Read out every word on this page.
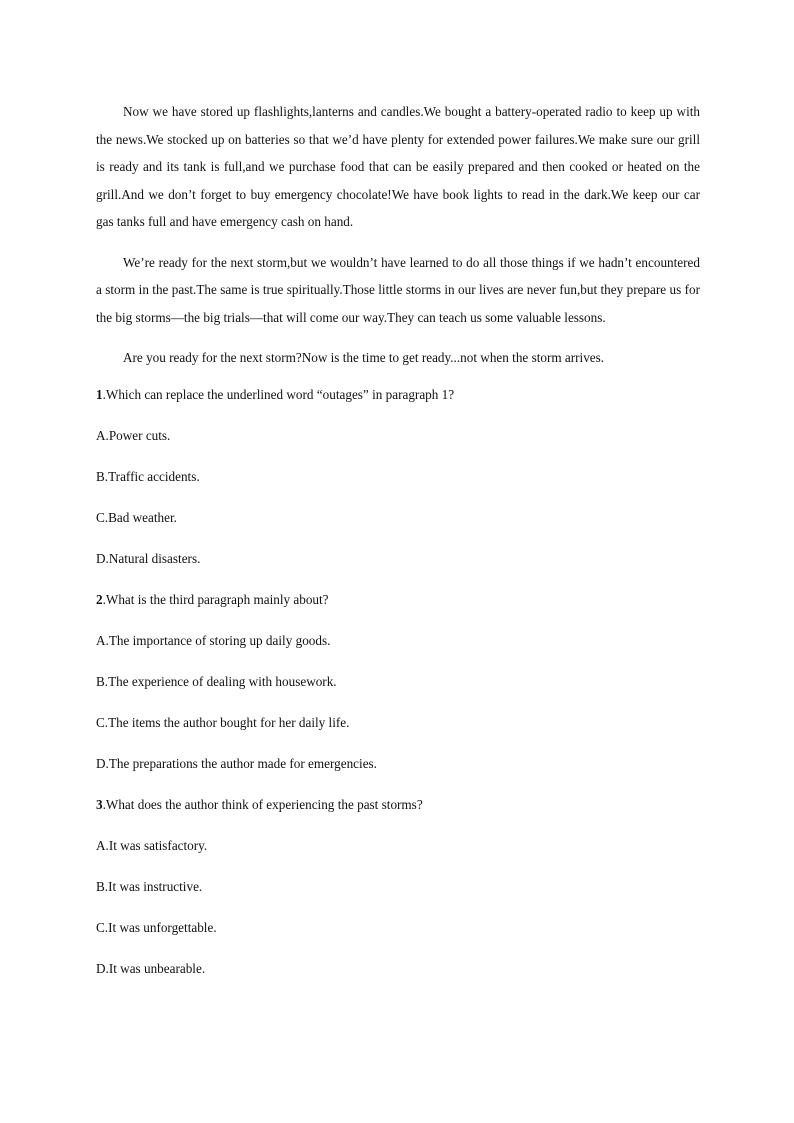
Now we have stored up flashlights,lanterns and candles.We bought a battery-operated radio to keep up with the news.We stocked up on batteries so that we’d have plenty for extended power failures.We make sure our grill is ready and its tank is full,and we purchase food that can be easily prepared and then cooked or heated on the grill.And we don’t forget to buy emergency chocolate!We have book lights to read in the dark.We keep our car gas tanks full and have emergency cash on hand.

We’re ready for the next storm,but we wouldn’t have learned to do all those things if we hadn’t encountered a storm in the past.The same is true spiritually.Those little storms in our lives are never fun,but they prepare us for the big storms—the big trials—that will come our way.They can teach us some valuable lessons.

Are you ready for the next storm?Now is the time to get ready...not when the storm arrives.

1.Which can replace the underlined word “outages” in paragraph 1?

A.Power cuts.

B.Traffic accidents.

C.Bad weather.

D.Natural disasters.

2.What is the third paragraph mainly about?

A.The importance of storing up daily goods.

B.The experience of dealing with housework.

C.The items the author bought for her daily life.

D.The preparations the author made for emergencies.

3.What does the author think of experiencing the past storms?

A.It was satisfactory.

B.It was instructive.

C.It was unforgettable.

D.It was unbearable.
